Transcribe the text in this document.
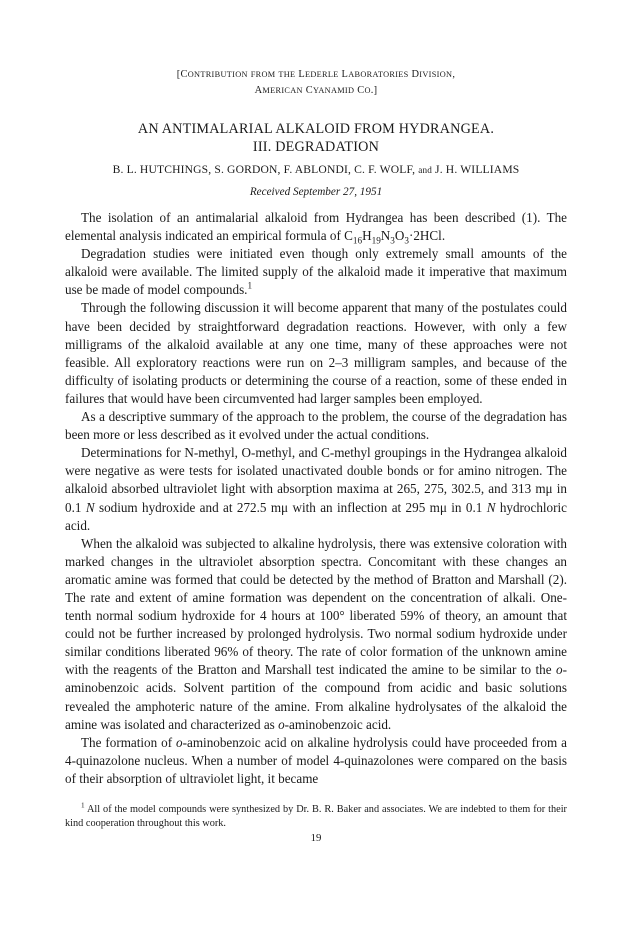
[CONTRIBUTION FROM THE LEDERLE LABORATORIES DIVISION,
AMERICAN CYANAMID CO.]
AN ANTIMALARIAL ALKALOID FROM HYDRANGEA.
III. DEGRADATION
B. L. HUTCHINGS, S. GORDON, F. ABLONDI, C. F. WOLF, and J. H. WILLIAMS
Received September 27, 1951

The isolation of an antimalarial alkaloid from Hydrangea has been described (1). The elemental analysis indicated an empirical formula of $C_{16}H_{19}N_3O_3\cdot 2HCl$.

Degradation studies were initiated even though only extremely small amounts of the alkaloid were available. The limited supply of the alkaloid made it imperative that maximum use be made of model compounds.$^1$

Through the following discussion it will become apparent that many of the postulates could have been decided by straightforward degradation reactions. However, with only a few milligrams of the alkaloid available at any one time, many of these approaches were not feasible. All exploratory reactions were run on 2–3 milligram samples, and because of the difficulty of isolating products or determining the course of a reaction, some of these ended in failures that would have been circumvented had larger samples been employed.

As a descriptive summary of the approach to the problem, the course of the degradation has been more or less described as it evolved under the actual conditions.

Determinations for N-methyl, O-methyl, and C-methyl groupings in the Hydrangea alkaloid were negative as were tests for isolated unactivated double bonds or for amino nitrogen. The alkaloid absorbed ultraviolet light with absorption maxima at 265, 275, 302.5, and 313 mμ in 0.1 N sodium hydroxide and at 272.5 mμ with an inflection at 295 mμ in 0.1 N hydrochloric acid.

When the alkaloid was subjected to alkaline hydrolysis, there was extensive coloration with marked changes in the ultraviolet absorption spectra. Concomitant with these changes an aromatic amine was formed that could be detected by the method of Bratton and Marshall (2). The rate and extent of amine formation was dependent on the concentration of alkali. One-tenth normal sodium hydroxide for 4 hours at 100° liberated 59% of theory, an amount that could not be further increased by prolonged hydrolysis. Two normal sodium hydroxide under similar conditions liberated 96% of theory. The rate of color formation of the unknown amine with the reagents of the Bratton and Marshall test indicated the amine to be similar to the o-aminobenzoic acids. Solvent partition of the compound from acidic and basic solutions revealed the amphoteric nature of the amine. From alkaline hydrolysates of the alkaloid the amine was isolated and characterized as o-aminobenzoic acid.

The formation of o-aminobenzoic acid on alkaline hydrolysis could have proceeded from a 4-quinazolone nucleus. When a number of model 4-quinazolones were compared on the basis of their absorption of ultraviolet light, it became

$^1$ All of the model compounds were synthesized by Dr. B. R. Baker and associates. We are indebted to them for their kind cooperation throughout this work.

19
